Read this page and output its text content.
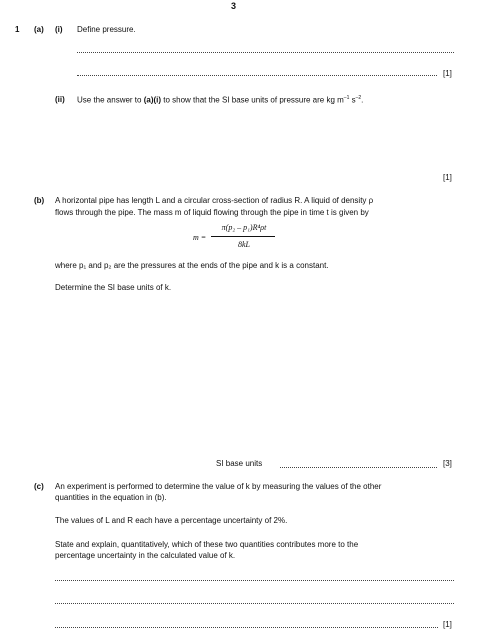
3
1 (a) (i) Define pressure.
[1]
(ii) Use the answer to (a)(i) to show that the SI base units of pressure are kg $m^{-1}$ $s^{-2}$.
[1]
(b) A horizontal pipe has length L and a circular cross-section of radius R. A liquid of density ρ
flows through the pipe. The mass m of liquid flowing through the pipe in time t is given by
m =
π(p₂ – p₁)R⁴ρt
8kL
where p₁ and p₂ are the pressures at the ends of the pipe and k is a constant.
Determine the SI base units of k.
SI base units	[3]
(c) An experiment is performed to determine the value of k by measuring the values of the other
quantities in the equation in (b).
The values of L and R each have a percentage uncertainty of 2%.
State and explain, quantitatively, which of these two quantities contributes more to the
percentage uncertainty in the calculated value of k.
[1]
